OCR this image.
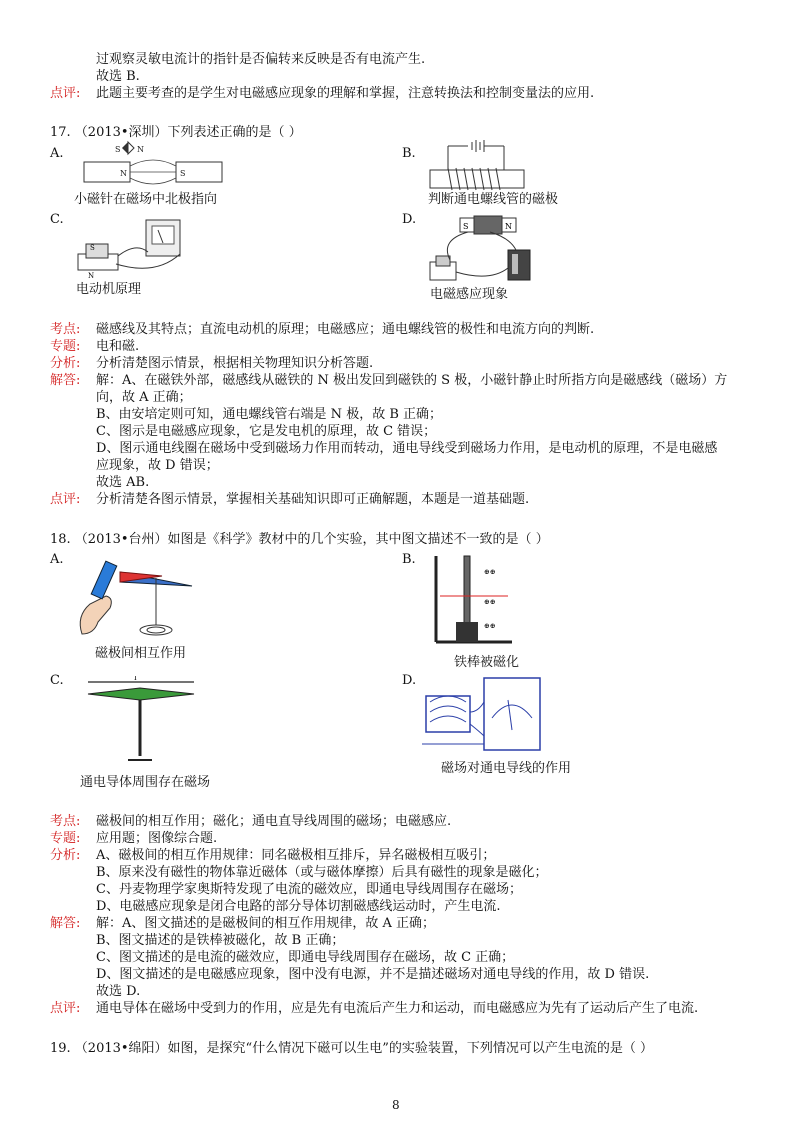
过观察灵敏电流计的指针是否偏转来反映是否有电流产生.
故选 B.
点评: 此题主要考查的是学生对电磁感应现象的理解和掌握，注意转换法和控制变量法的应用.
17. （2013•深圳）下列表述正确的是（ ）
A.	B.
S N
N	S
小磁针在磁场中北极指向	判断通电螺线管的磁极
C.	D.
S
N
电动机原理
S	N
电磁感应现象
考点: 磁感线及其特点；直流电动机的原理；电磁感应；通电螺线管的极性和电流方向的判断.
专题: 电和磁.
分析: 分析清楚图示情景，根据相关物理知识分析答题.
解答: 解：A、在磁铁外部，磁感线从磁铁的 N 极出发回到磁铁的 S 极，小磁针静止时所指方向是磁感线（磁场）方
向，故 A 正确；
B、由安培定则可知，通电螺线管右端是 N 极，故 B 正确；
C、图示是电磁感应现象，它是发电机的原理，故 C 错误；
D、图示通电线圈在磁场中受到磁场力作用而转动，通电导线受到磁场力作用，是电动机的原理，不是电磁感
应现象，故 D 错误；
故选 AB.
点评: 分析清楚各图示情景，掌握相关基础知识即可正确解题，本题是一道基础题.
18. （2013•台州）如图是《科学》教材中的几个实验，其中图文描述不一致的是（ ）
A.	B.
磁极间相互作用
⊕⊕
⊕⊕
⊕⊕
铁棒被磁化
C.	D.
I
通电导体周围存在磁场
磁场对通电导线的作用
考点: 磁极间的相互作用；磁化；通电直导线周围的磁场；电磁感应.
专题: 应用题；图像综合题.
分析: A、磁极间的相互作用规律：同名磁极相互排斥，异名磁极相互吸引；
B、原来没有磁性的物体靠近磁体（或与磁体摩擦）后具有磁性的现象是磁化；
C、丹麦物理学家奥斯特发现了电流的磁效应，即通电导线周围存在磁场；
D、电磁感应现象是闭合电路的部分导体切割磁感线运动时，产生电流.
解答: 解：A、图文描述的是磁极间的相互作用规律，故 A 正确；
B、图文描述的是铁棒被磁化，故 B 正确；
C、图文描述的是电流的磁效应，即通电导线周围存在磁场，故 C 正确；
D、图文描述的是电磁感应现象，图中没有电源，并不是描述磁场对通电导线的作用，故 D 错误.
故选 D.
点评: 通电导体在磁场中受到力的作用，应是先有电流后产生力和运动，而电磁感应为先有了运动后产生了电流.
19. （2013•绵阳）如图，是探究“什么情况下磁可以生电”的实验装置，下列情况可以产生电流的是（ ）
8
